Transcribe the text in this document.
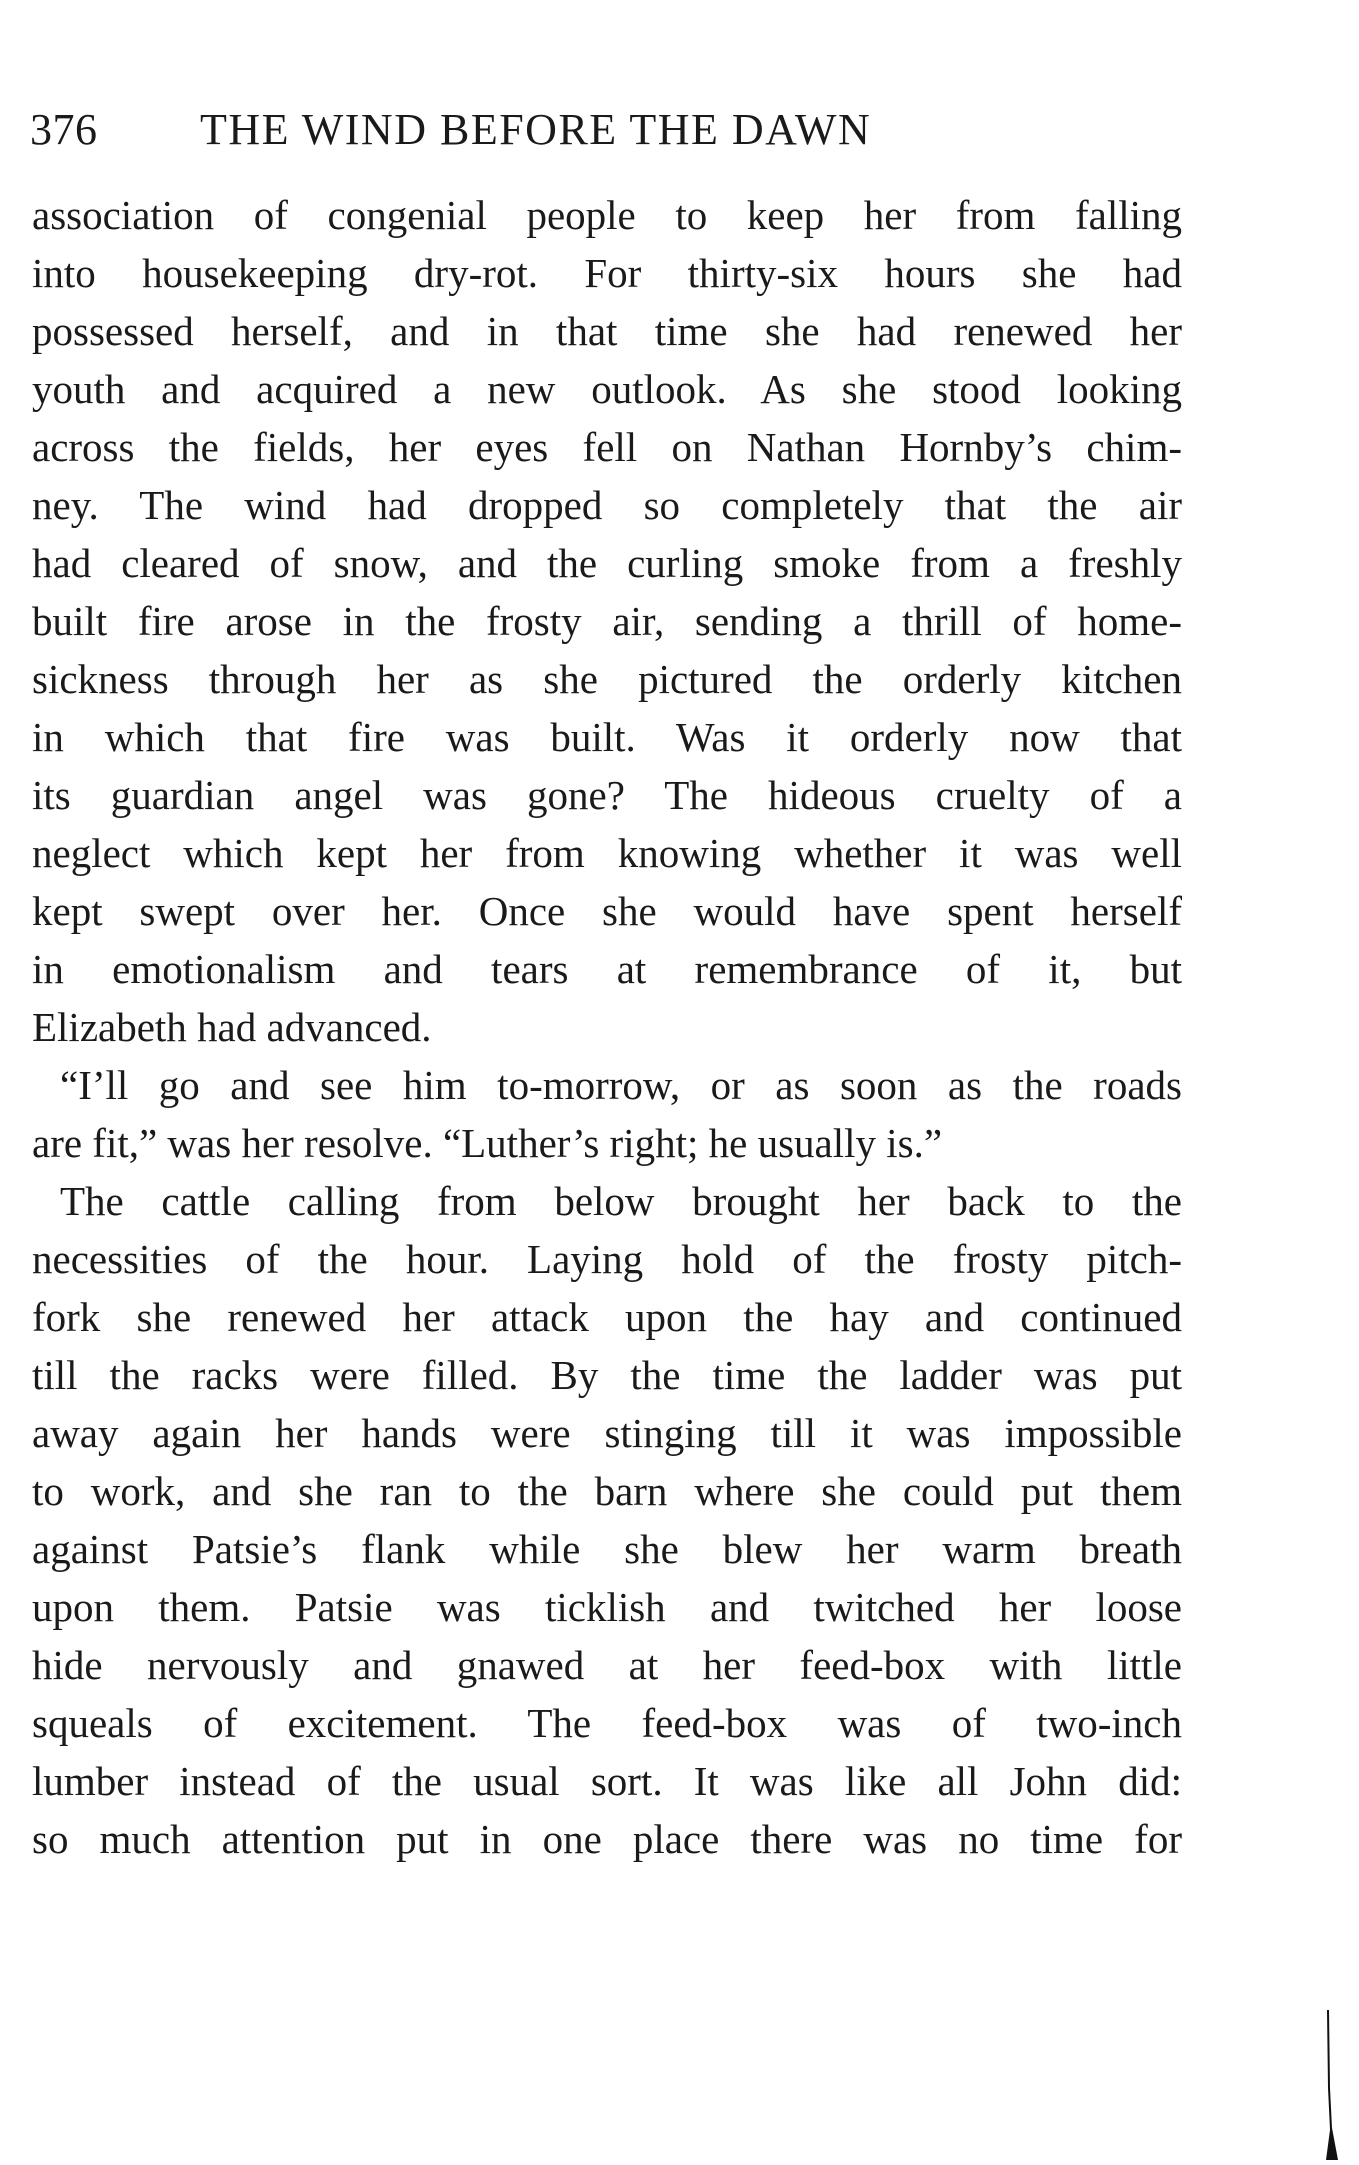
376 THE WIND BEFORE THE DAWN
association of congenial people to keep her from falling
into housekeeping dry-rot. For thirty-six hours she had
possessed herself, and in that time she had renewed her
youth and acquired a new outlook. As she stood looking
across the fields, her eyes fell on Nathan Hornby’s chim-
ney. The wind had dropped so completely that the air
had cleared of snow, and the curling smoke from a freshly
built fire arose in the frosty air, sending a thrill of home-
sickness through her as she pictured the orderly kitchen
in which that fire was built. Was it orderly now that
its guardian angel was gone? The hideous cruelty of a
neglect which kept her from knowing whether it was well
kept swept over her. Once she would have spent herself
in emotionalism and tears at remembrance of it, but
Elizabeth had advanced.
“I’ll go and see him to-morrow, or as soon as the roads
are fit,” was her resolve. “Luther’s right; he usually is.”
The cattle calling from below brought her back to the
necessities of the hour. Laying hold of the frosty pitch-
fork she renewed her attack upon the hay and continued
till the racks were filled. By the time the ladder was put
away again her hands were stinging till it was impossible
to work, and she ran to the barn where she could put them
against Patsie’s flank while she blew her warm breath
upon them. Patsie was ticklish and twitched her loose
hide nervously and gnawed at her feed-box with little
squeals of excitement. The feed-box was of two-inch
lumber instead of the usual sort. It was like all John did:
so much attention put in one place there was no time for
